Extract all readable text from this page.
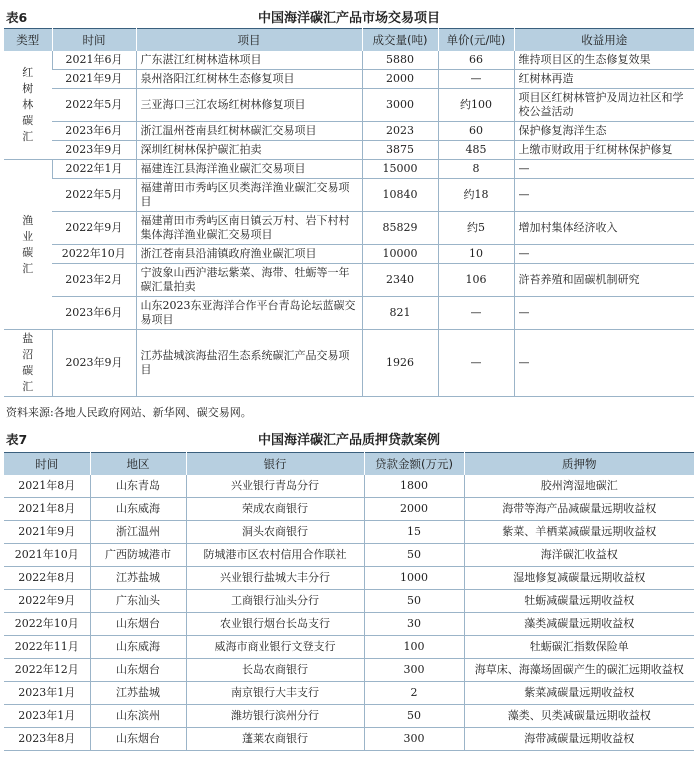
表6	中国海洋碳汇产品市场交易项目
类型	时间	项目	成交量(吨)	单价(元/吨)	收益用途

红树林碳汇	2021年6月	广东湛江红树林造林项目	5880	66	维持项目区的生态修复效果
	2021年9月	泉州洛阳江红树林生态修复项目	2000	—	红树林再造
	2022年5月	三亚海口三江农场红树林修复项目	3000	约100	项目区红树林管护及周边社区和学校公益活动
	2023年6月	浙江温州苍南县红树林碳汇交易项目	2023	60	保护修复海洋生态
	2023年9月	深圳红树林保护碳汇拍卖	3875	485	上缴市财政用于红树林保护修复

渔业碳汇	2022年1月	福建连江县海洋渔业碳汇交易项目	15000	8	—
	2022年5月	福建莆田市秀屿区贝类海洋渔业碳汇交易项目	10840	约18	—
	2022年9月	福建莆田市秀屿区南日镇云万村、岩下村村集体海洋渔业碳汇交易项目	85829	约5	增加村集体经济收入
	2022年10月	浙江苍南县沿浦镇政府渔业碳汇项目	10000	10	—
	2023年2月	宁波象山西沪港坛紫菜、海带、牡蛎等一年碳汇量拍卖	2340	106	浒苔养殖和固碳机制研究
	2023年6月	山东2023东亚海洋合作平台青岛论坛蓝碳交易项目	821	—	—

盐沼碳汇	2023年9月	江苏盐城滨海盐沼生态系统碳汇产品交易项目	1926	—	—
资料来源:各地人民政府网站、新华网、碳交易网。
表7	中国海洋碳汇产品质押贷款案例
时间	地区	银行	贷款金额(万元)	质押物
2021年8月	山东青岛	兴业银行青岛分行	1800	胶州湾湿地碳汇
2021年8月	山东威海	荣成农商银行	2000	海带等海产品减碳量远期收益权
2021年9月	浙江温州	洞头农商银行	15	紫菜、羊栖菜减碳量远期收益权
2021年10月	广西防城港市	防城港市区农村信用合作联社	50	海洋碳汇收益权
2022年8月	江苏盐城	兴业银行盐城大丰分行	1000	湿地修复减碳量远期收益权
2022年9月	广东汕头	工商银行汕头分行	50	牡蛎减碳量远期收益权
2022年10月	山东烟台	农业银行烟台长岛支行	30	藻类减碳量远期收益权
2022年11月	山东威海	威海市商业银行文登支行	100	牡蛎碳汇指数保险单
2022年12月	山东烟台	长岛农商银行	300	海草床、海藻场固碳产生的碳汇远期收益权
2023年1月	江苏盐城	南京银行大丰支行	2	紫菜减碳量远期收益权
2023年1月	山东滨州	潍坊银行滨州分行	50	藻类、贝类减碳量远期收益权
2023年8月	山东烟台	蓬莱农商银行	300	海带减碳量远期收益权
